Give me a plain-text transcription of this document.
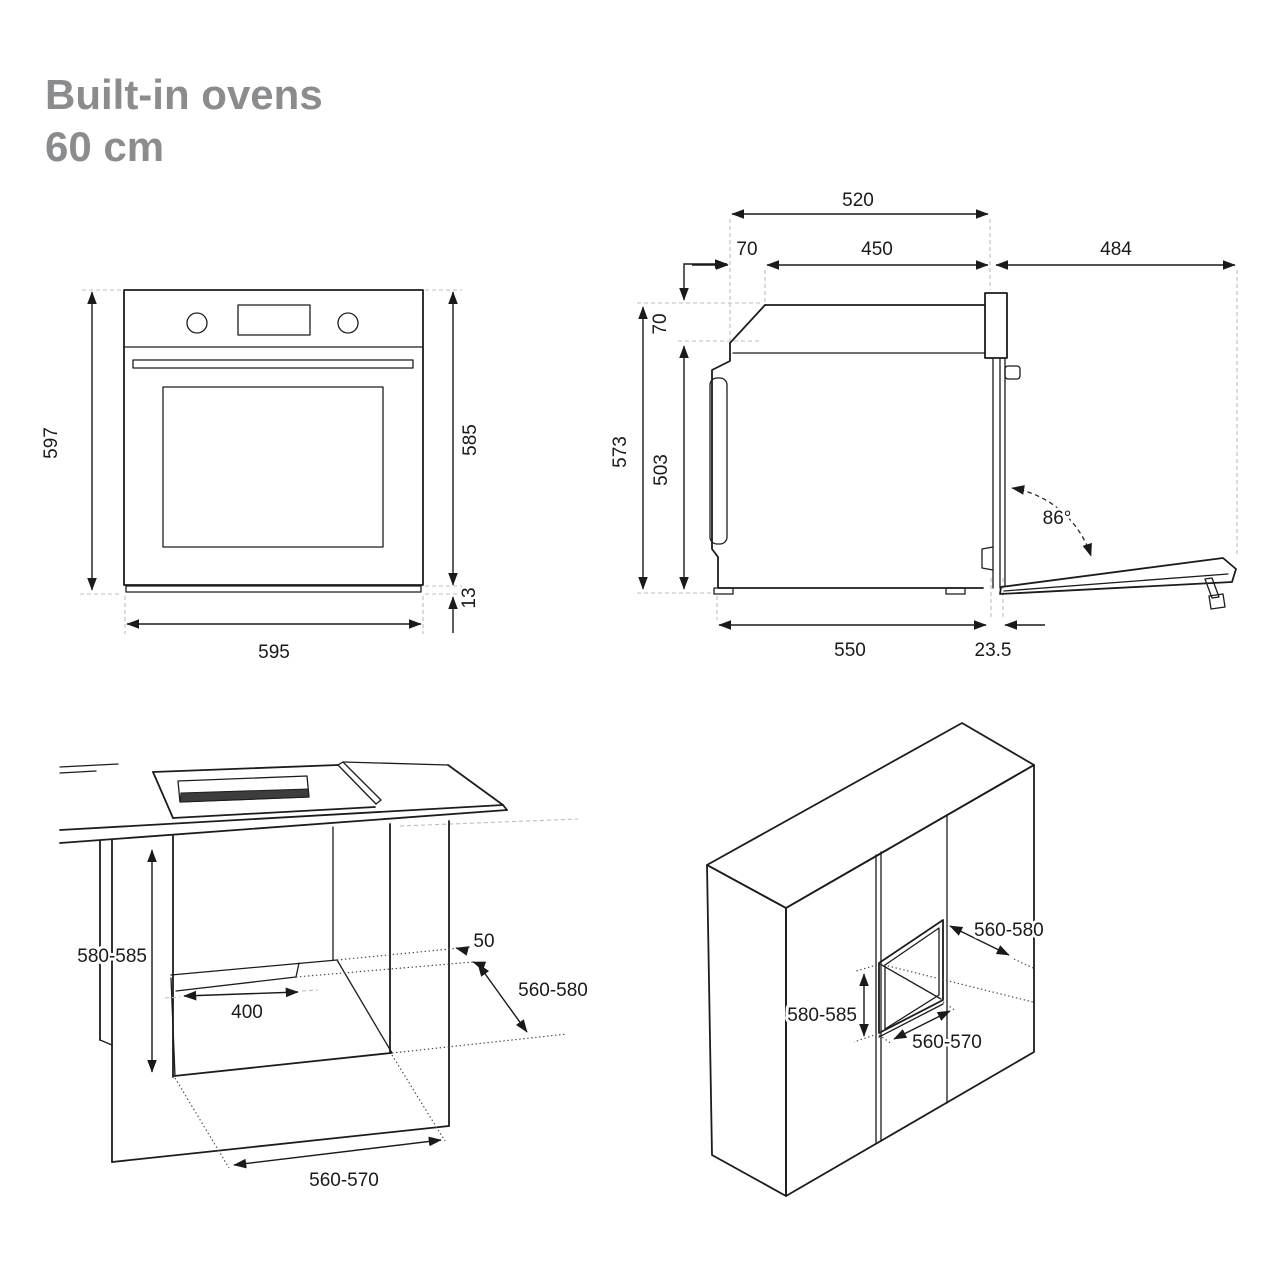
Built-in ovens
60 cm
597	585
13
595
520
70	450	484
70
503
573
86°
550	23.5
580-585
400
50
560-580
560-570
560-580
580-585
560-570
